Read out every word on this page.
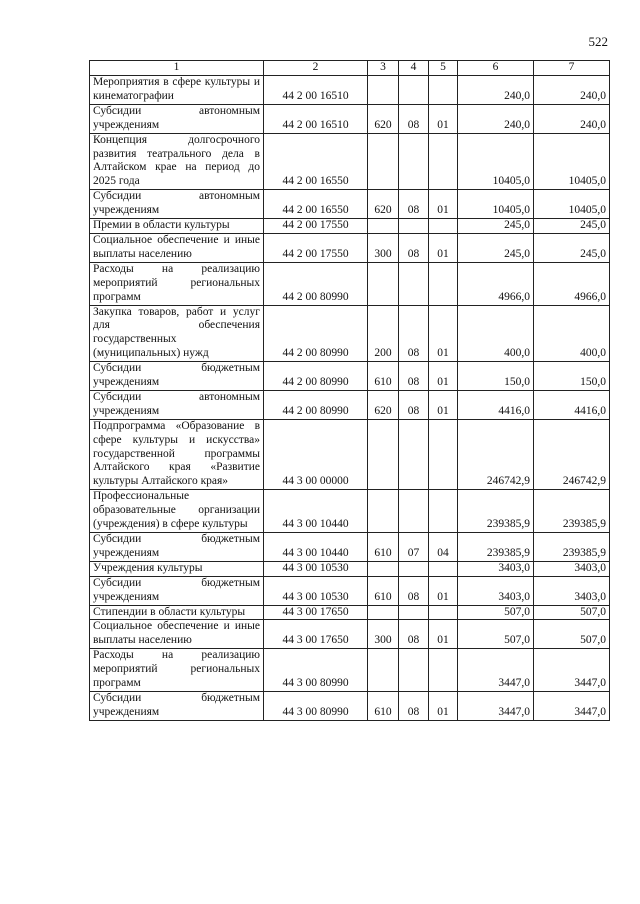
522
1	2	3	4	5	6	7
Мероприятия в сфере культуры и кинематографии	44 2 00 16510				240,0	240,0
Субсидии автономным учреждениям	44 2 00 16510	620	08	01	240,0	240,0
Концепция долгосрочного развития театрального дела в Алтайском крае на период до 2025 года	44 2 00 16550				10405,0	10405,0
Субсидии автономным учреждениям	44 2 00 16550	620	08	01	10405,0	10405,0
Премии в области культуры	44 2 00 17550				245,0	245,0
Социальное обеспечение и иные выплаты населению	44 2 00 17550	300	08	01	245,0	245,0
Расходы на реализацию мероприятий региональных программ	44 2 00 80990				4966,0	4966,0
Закупка товаров, работ и услуг для обеспечения государственных (муниципальных) нужд	44 2 00 80990	200	08	01	400,0	400,0
Субсидии бюджетным учреждениям	44 2 00 80990	610	08	01	150,0	150,0
Субсидии автономным учреждениям	44 2 00 80990	620	08	01	4416,0	4416,0
Подпрограмма «Образование в сфере культуры и искусства» государственной программы Алтайского края «Развитие культуры Алтайского края»	44 3 00 00000				246742,9	246742,9
Профессиональные образовательные организации (учреждения) в сфере культуры	44 3 00 10440				239385,9	239385,9
Субсидии бюджетным учреждениям	44 3 00 10440	610	07	04	239385,9	239385,9
Учреждения культуры	44 3 00 10530				3403,0	3403,0
Субсидии бюджетным учреждениям	44 3 00 10530	610	08	01	3403,0	3403,0
Стипендии в области культуры	44 3 00 17650				507,0	507,0
Социальное обеспечение и иные выплаты населению	44 3 00 17650	300	08	01	507,0	507,0
Расходы на реализацию мероприятий региональных программ	44 3 00 80990				3447,0	3447,0
Субсидии бюджетным учреждениям	44 3 00 80990	610	08	01	3447,0	3447,0
